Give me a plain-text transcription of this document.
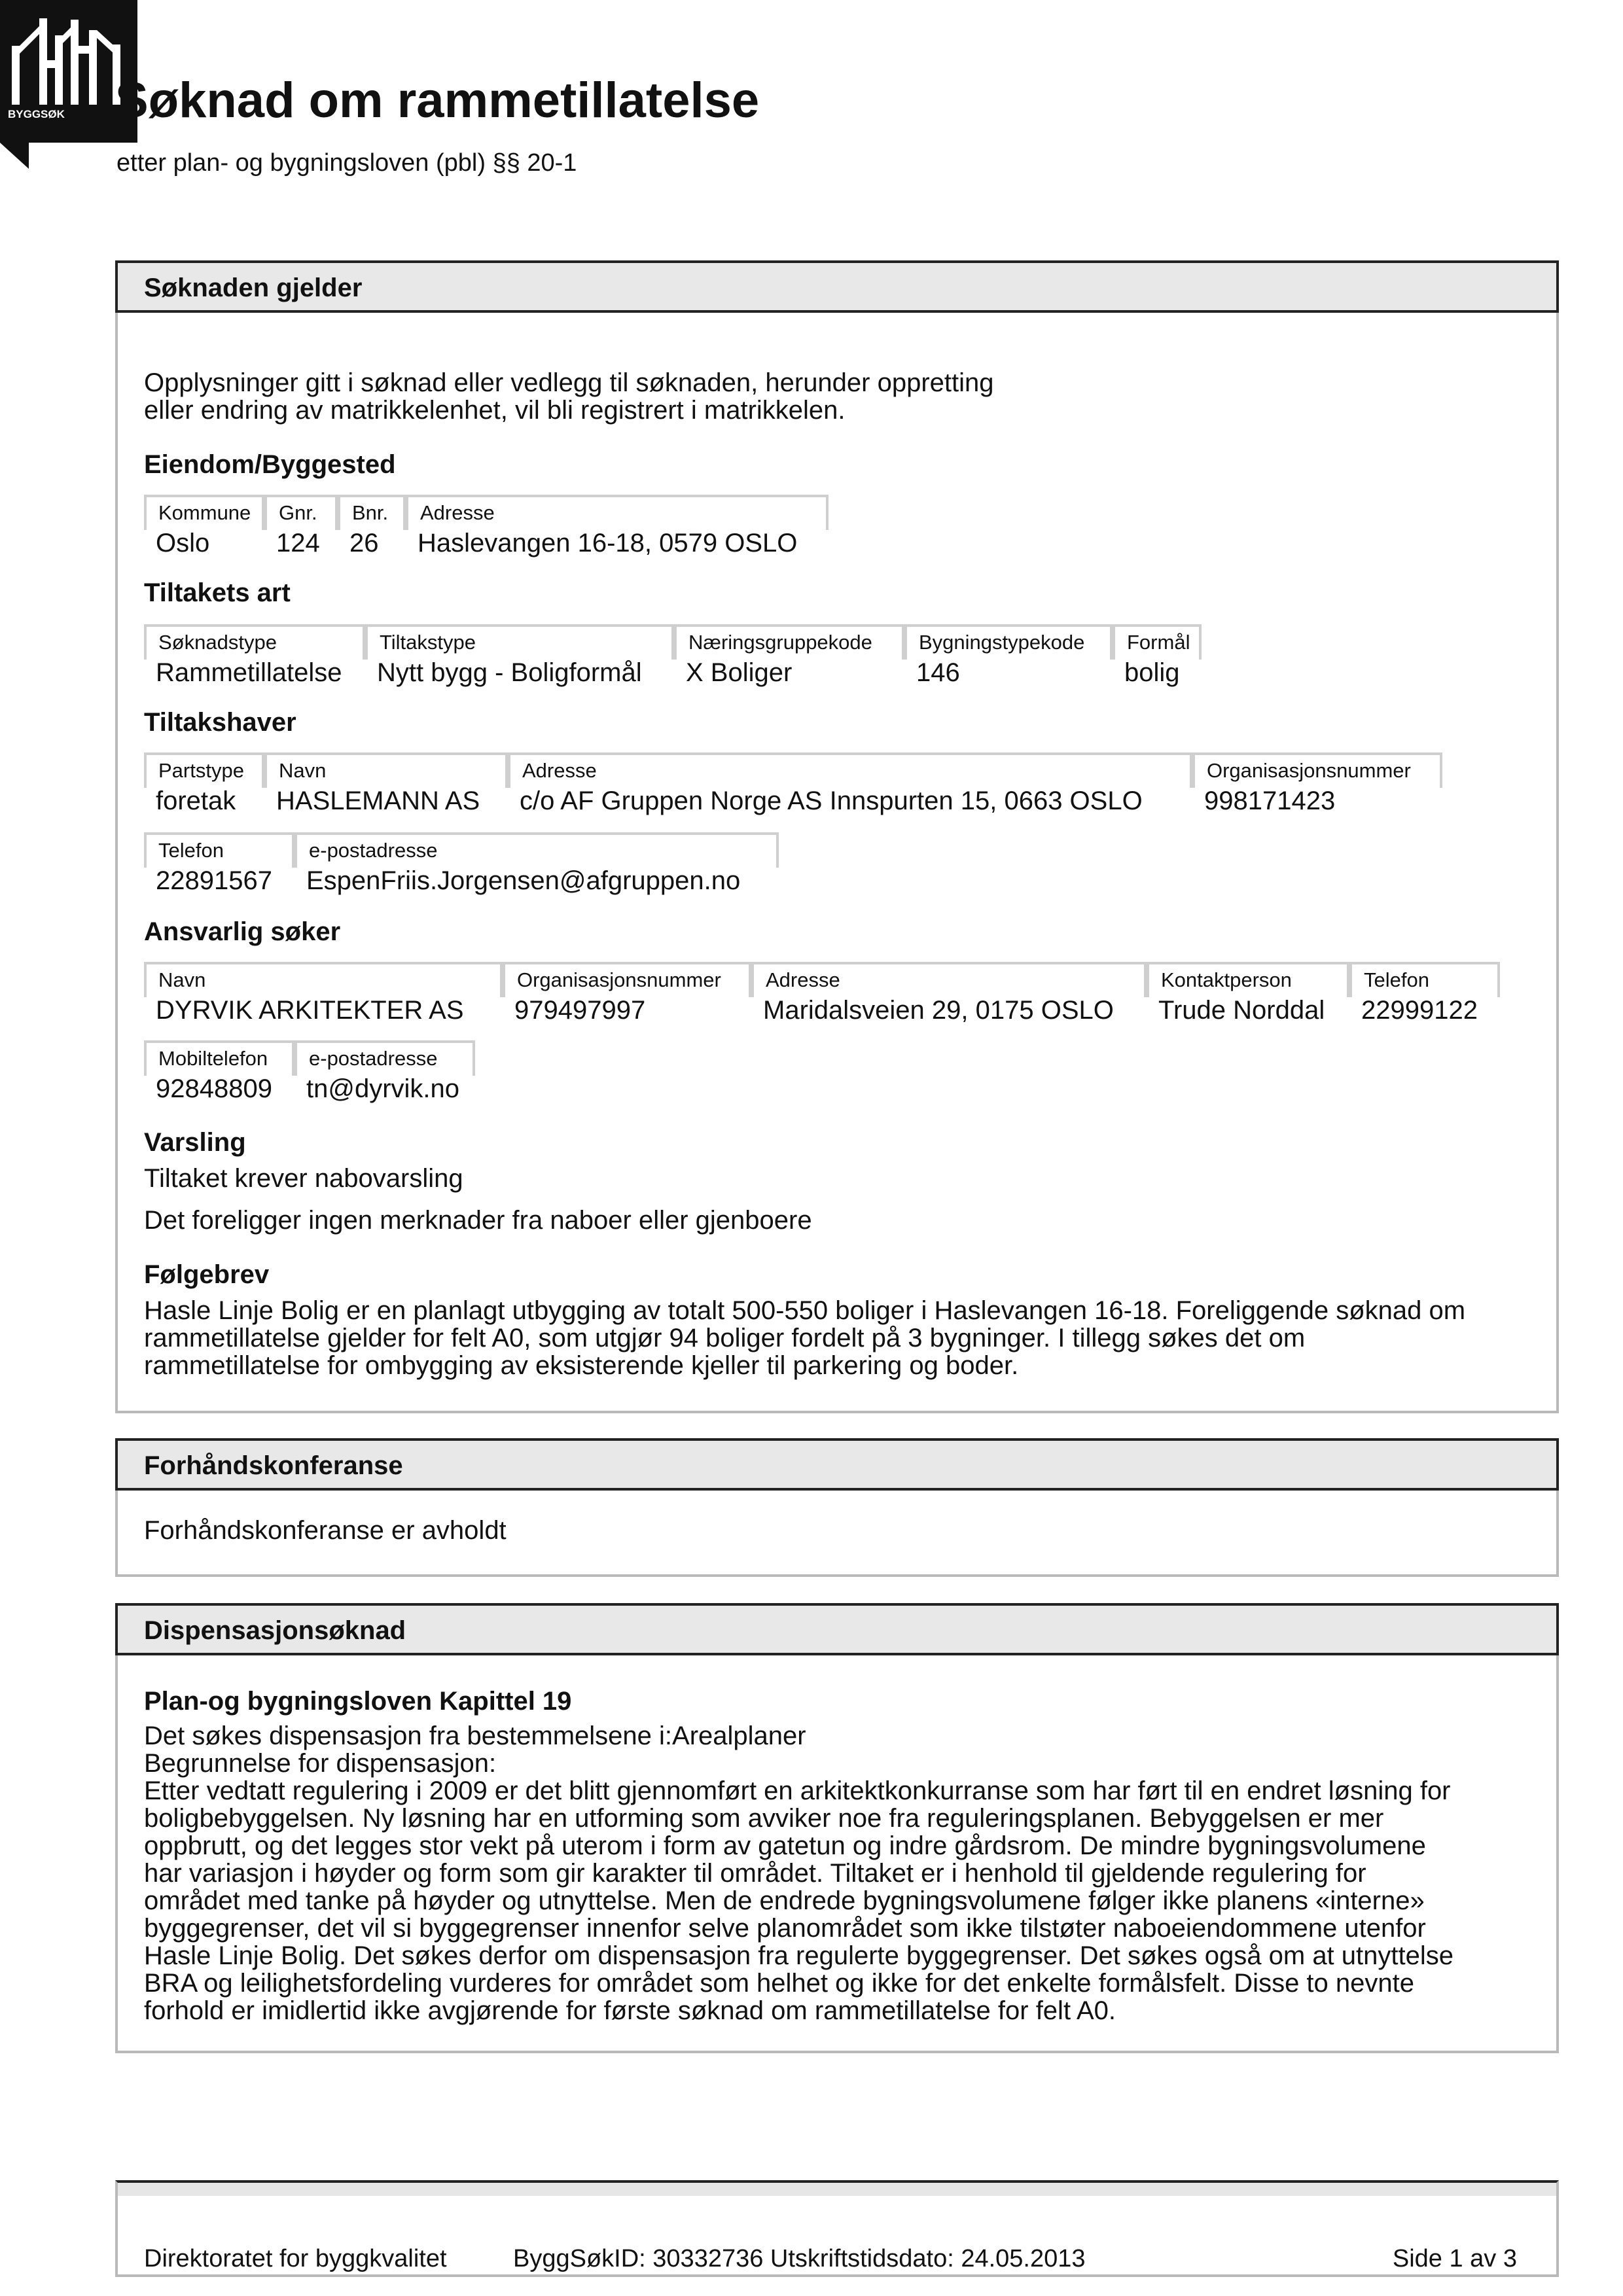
Søknad om rammetillatelse
etter plan- og bygningsloven (pbl) §§ 20-1
BYGGSØK
Søknaden gjelder
Opplysninger gitt i søknad eller vedlegg til søknaden, herunder oppretting
eller endring av matrikkelenhet, vil bli registrert i matrikkelen.
Eiendom/Byggested
Kommune
Oslo
Gnr.
124
Bnr.
26
Adresse
Haslevangen 16-18, 0579 OSLO
Tiltakets art
Søknadstype
Rammetillatelse
Tiltakstype
Nytt bygg - Boligformål
Næringsgruppekode
X Boliger
Bygningstypekode
146
Formål
bolig
Tiltakshaver
Partstype
foretak
Navn
HASLEMANN AS
Adresse
c/o AF Gruppen Norge AS Innspurten 15, 0663 OSLO
Organisasjonsnummer
998171423
Telefon
22891567
e-postadresse
EspenFriis.Jorgensen@afgruppen.no
Ansvarlig søker
Navn
DYRVIK ARKITEKTER AS
Organisasjonsnummer
979497997
Adresse
Maridalsveien 29, 0175 OSLO
Kontaktperson
Trude Norddal
Telefon
22999122
Mobiltelefon
92848809
e-postadresse
tn@dyrvik.no
Varsling
Tiltaket krever nabovarsling
Det foreligger ingen merknader fra naboer eller gjenboere
Følgebrev
Hasle Linje Bolig er en planlagt utbygging av totalt 500-550 boliger i Haslevangen 16-18. Foreliggende søknad om
rammetillatelse gjelder for felt A0, som utgjør 94 boliger fordelt på 3 bygninger. I tillegg søkes det om
rammetillatelse for ombygging av eksisterende kjeller til parkering og boder.
Forhåndskonferanse
Forhåndskonferanse er avholdt
Dispensasjonsøknad
Plan-og bygningsloven Kapittel 19
Det søkes dispensasjon fra bestemmelsene i:Arealplaner
Begrunnelse for dispensasjon:
Etter vedtatt regulering i 2009 er det blitt gjennomført en arkitektkonkurranse som har ført til en endret løsning for
boligbebyggelsen. Ny løsning har en utforming som avviker noe fra reguleringsplanen. Bebyggelsen er mer
oppbrutt, og det legges stor vekt på uterom i form av gatetun og indre gårdsrom. De mindre bygningsvolumene
har variasjon i høyder og form som gir karakter til området. Tiltaket er i henhold til gjeldende regulering for
området med tanke på høyder og utnyttelse. Men de endrede bygningsvolumene følger ikke planens «interne»
byggegrenser, det vil si byggegrenser innenfor selve planområdet som ikke tilstøter naboeiendommene utenfor
Hasle Linje Bolig. Det søkes derfor om dispensasjon fra regulerte byggegrenser. Det søkes også om at utnyttelse
BRA og leilighetsfordeling vurderes for området som helhet og ikke for det enkelte formålsfelt. Disse to nevnte
forhold er imidlertid ikke avgjørende for første søknad om rammetillatelse for felt A0.
Direktoratet for byggkvalitet	ByggSøkID: 30332736 Utskriftstidsdato: 24.05.2013	Side 1 av 3
